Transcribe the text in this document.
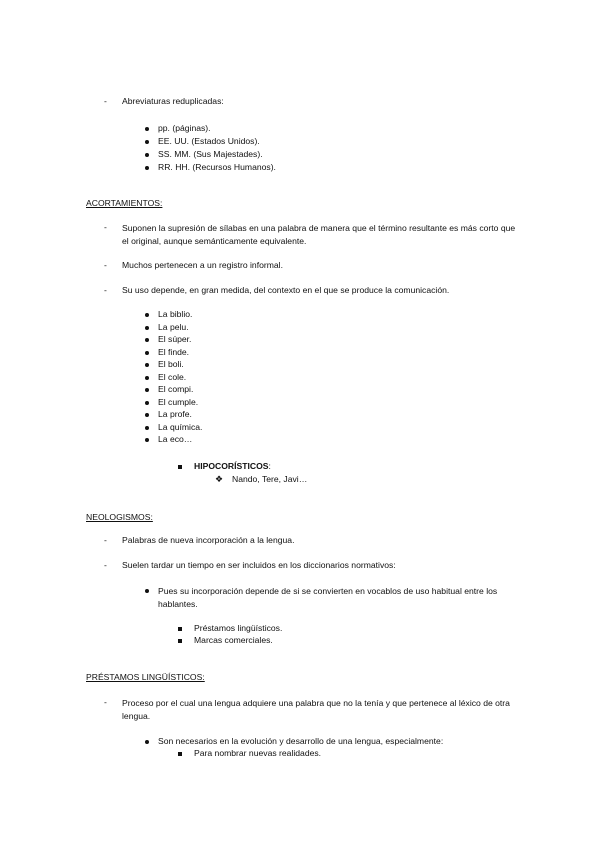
- Abreviaturas reduplicadas:
pp. (páginas).
EE. UU. (Estados Unidos).
SS. MM. (Sus Majestades).
RR. HH. (Recursos Humanos).
ACORTAMIENTOS:
- Suponen la supresión de sílabas en una palabra de manera que el término resultante es más corto que el original, aunque semánticamente equivalente.
- Muchos pertenecen a un registro informal.
- Su uso depende, en gran medida, del contexto en el que se produce la comunicación.
La biblio.
La pelu.
El súper.
El finde.
El boli.
El cole.
El compi.
El cumple.
La profe.
La química.
La eco…
HIPOCORÍSTICOS:
❖ Nando, Tere, Javi…
NEOLOGISMOS:
- Palabras de nueva incorporación a la lengua.
- Suelen tardar un tiempo en ser incluidos en los diccionarios normativos:
Pues su incorporación depende de si se convierten en vocablos de uso habitual entre los hablantes.
Préstamos lingüísticos.
Marcas comerciales.
PRÉSTAMOS LINGÜÍSTICOS:
- Proceso por el cual una lengua adquiere una palabra que no la tenía y que pertenece al léxico de otra lengua.
Son necesarios en la evolución y desarrollo de una lengua, especialmente:
Para nombrar nuevas realidades.
